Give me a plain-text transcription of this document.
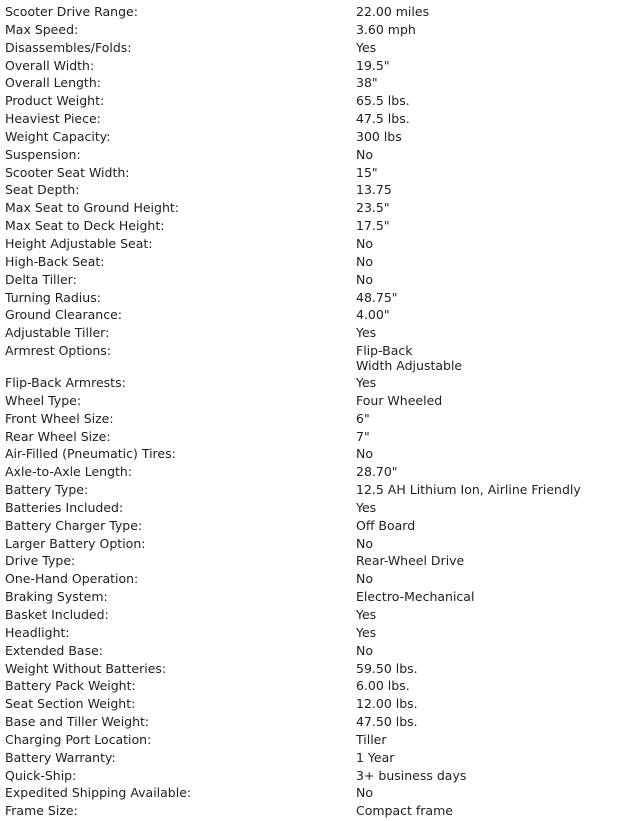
Scooter Drive Range:	22.00 miles
Max Speed:	3.60 mph
Disassembles/Folds:	Yes
Overall Width:	19.5"
Overall Length:	38"
Product Weight:	65.5 lbs.
Heaviest Piece:	47.5 lbs.
Weight Capacity:	300 lbs
Suspension:	No
Scooter Seat Width:	15"
Seat Depth:	13.75
Max Seat to Ground Height:	23.5"
Max Seat to Deck Height:	17.5"
Height Adjustable Seat:	No
High-Back Seat:	No
Delta Tiller:	No
Turning Radius:	48.75"
Ground Clearance:	4.00"
Adjustable Tiller:	Yes
Armrest Options:	Flip-Back
Width Adjustable
Flip-Back Armrests:	Yes
Wheel Type:	Four Wheeled
Front Wheel Size:	6"
Rear Wheel Size:	7"
Air-Filled (Pneumatic) Tires:	No
Axle-to-Axle Length:	28.70"
Battery Type:	12.5 AH Lithium Ion, Airline Friendly
Batteries Included:	Yes
Battery Charger Type:	Off Board
Larger Battery Option:	No
Drive Type:	Rear-Wheel Drive
One-Hand Operation:	No
Braking System:	Electro-Mechanical
Basket Included:	Yes
Headlight:	Yes
Extended Base:	No
Weight Without Batteries:	59.50 lbs.
Battery Pack Weight:	6.00 lbs.
Seat Section Weight:	12.00 lbs.
Base and Tiller Weight:	47.50 lbs.
Charging Port Location:	Tiller
Battery Warranty:	1 Year
Quick-Ship:	3+ business days
Expedited Shipping Available:	No
Frame Size:	Compact frame
